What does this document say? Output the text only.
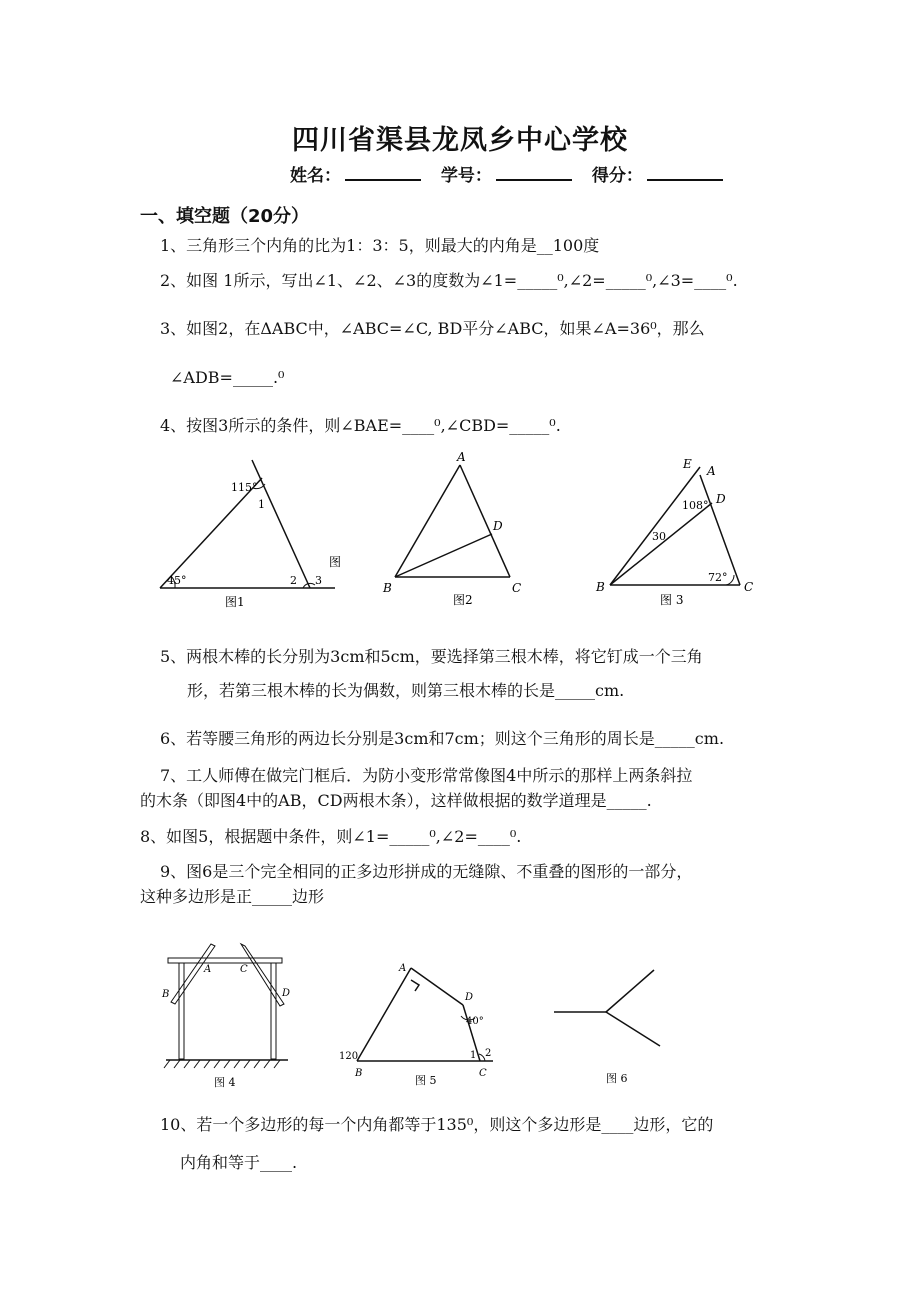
四川省渠县龙凤乡中心学校
姓名：	学号：	得分：
一、填空题（20分）
1、三角形三个内角的比为1：3：5，则最大的内角是__100度
2、如图 1所示，写出∠1、∠2、∠3的度数为∠1=_____⁰,∠2=_____⁰,∠3=____⁰.
3、如图2，在ΔABC中，∠ABC=∠C, BD平分∠ABC，如果∠A=36⁰，那么
∠ADB=_____.⁰
4、按图3所示的条件，则∠BAE=____⁰,∠CBD=_____⁰.
45°
115°
1
2 3
图
图1
A
B	C
D
图2
E A
D
B	C
108°
30
72°
图 3
5、两根木棒的长分别为3cm和5cm，要选择第三根木棒，将它钉成一个三角
形，若第三根木棒的长为偶数，则第三根木棒的长是_____cm.
6、若等腰三角形的两边长分别是3cm和7cm；则这个三角形的周长是_____cm.
7、工人师傅在做完门框后．为防小变形常常像图4中所示的那样上两条斜拉
的木条（即图4中的AB，CD两根木条），这样做根据的数学道理是_____.
8、如图5，根据题中条件，则∠1=_____⁰,∠2=____⁰.
9、图6是三个完全相同的正多边形拼成的无缝隙、不重叠的图形的一部分，
这种多边形是正_____边形
A	C
B	D
图 4
A
D
B	C
120
40°
1 2
图 5	图 6
10、若一个多边形的每一个内角都等于135⁰，则这个多边形是____边形，它的
内角和等于____.
